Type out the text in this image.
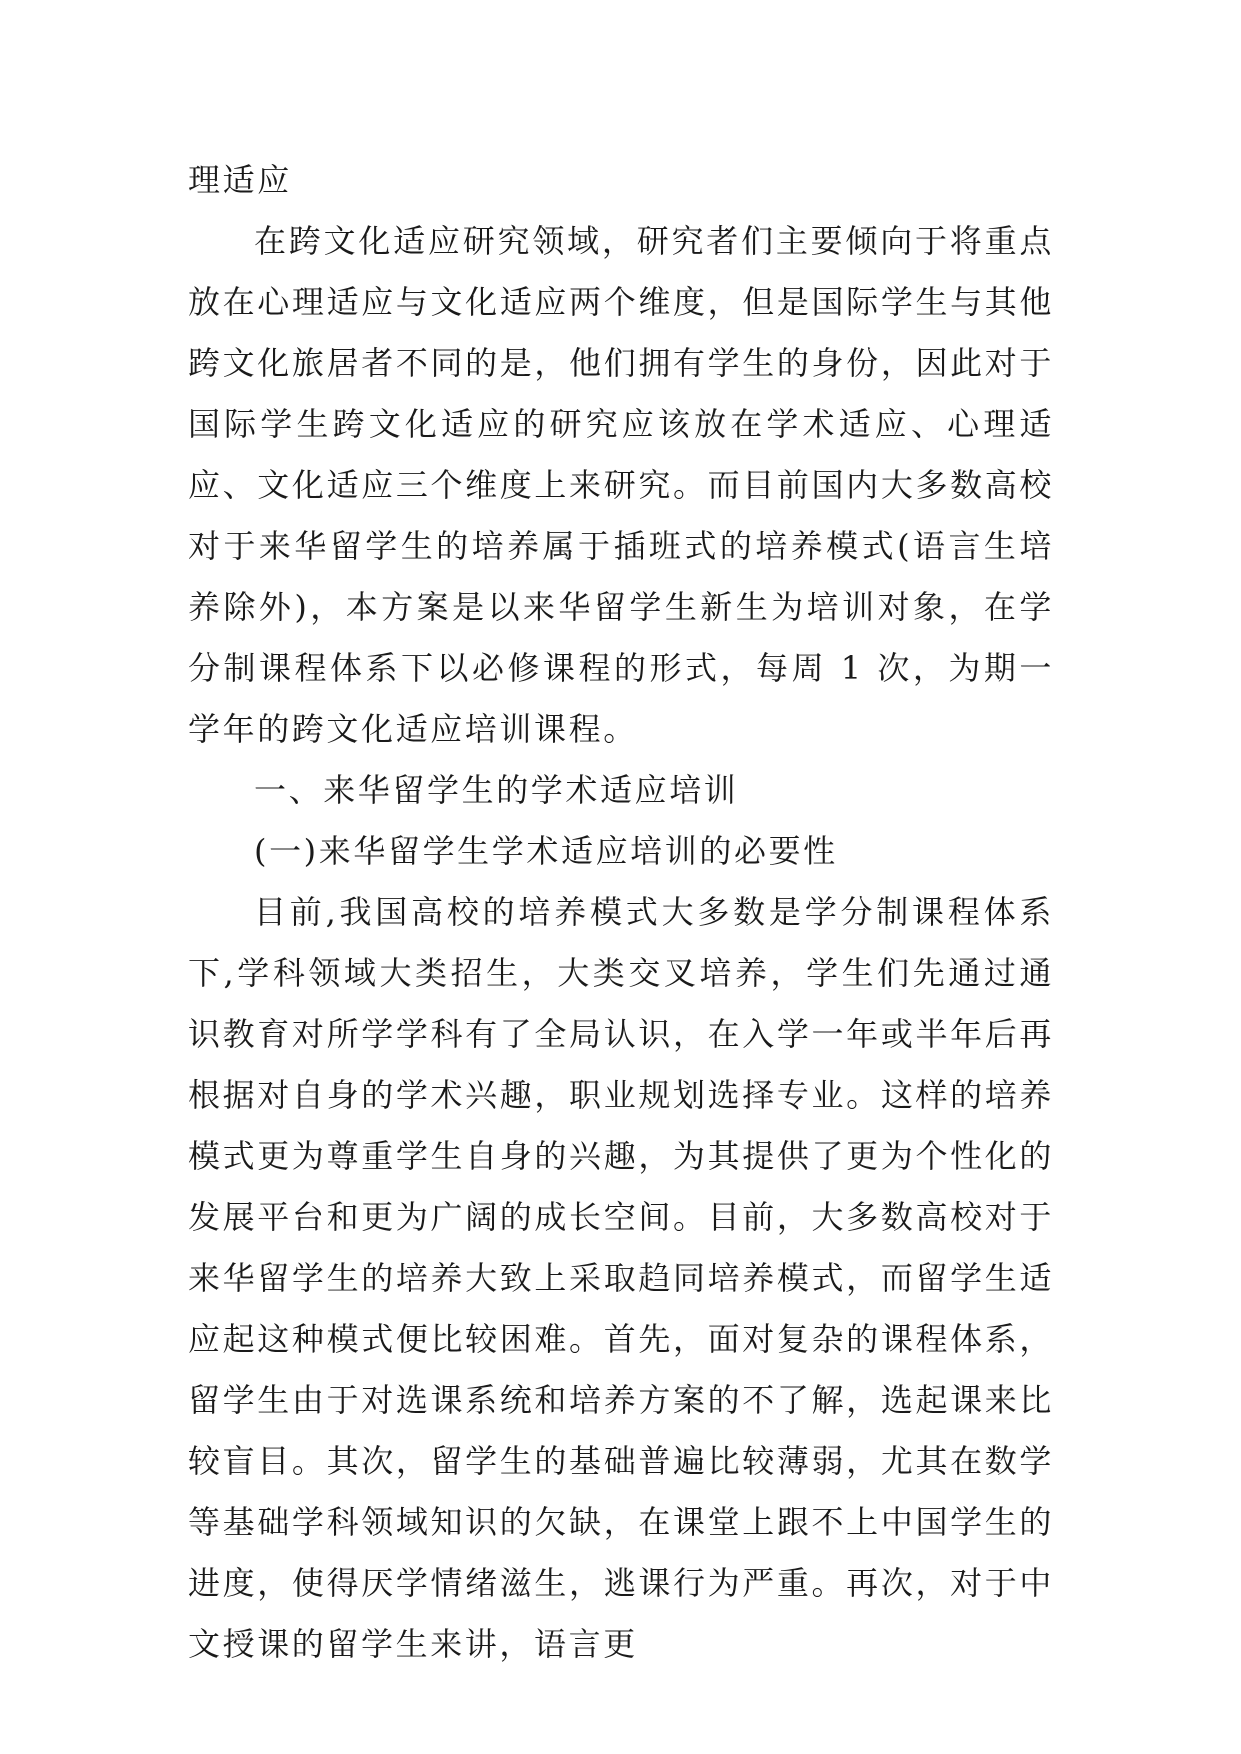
理适应

在跨文化适应研究领域，研究者们主要倾向于将重点放在心理适应与文化适应两个维度，但是国际学生与其他跨文化旅居者不同的是，他们拥有学生的身份，因此对于国际学生跨文化适应的研究应该放在学术适应、心理适应、文化适应三个维度上来研究。而目前国内大多数高校对于来华留学生的培养属于插班式的培养模式(语言生培养除外)，本方案是以来华留学生新生为培训对象，在学分制课程体系下以必修课程的形式，每周 1 次，为期一学年的跨文化适应培训课程。

一、来华留学生的学术适应培训

(一)来华留学生学术适应培训的必要性

目前,我国高校的培养模式大多数是学分制课程体系下,学科领域大类招生，大类交叉培养，学生们先通过通识教育对所学学科有了全局认识，在入学一年或半年后再根据对自身的学术兴趣，职业规划选择专业。这样的培养模式更为尊重学生自身的兴趣，为其提供了更为个性化的发展平台和更为广阔的成长空间。目前，大多数高校对于来华留学生的培养大致上采取趋同培养模式，而留学生适应起这种模式便比较困难。首先，面对复杂的课程体系，留学生由于对选课系统和培养方案的不了解，选起课来比较盲目。其次，留学生的基础普遍比较薄弱，尤其在数学等基础学科领域知识的欠缺，在课堂上跟不上中国学生的进度，使得厌学情绪滋生，逃课行为严重。再次，对于中文授课的留学生来讲，语言更
